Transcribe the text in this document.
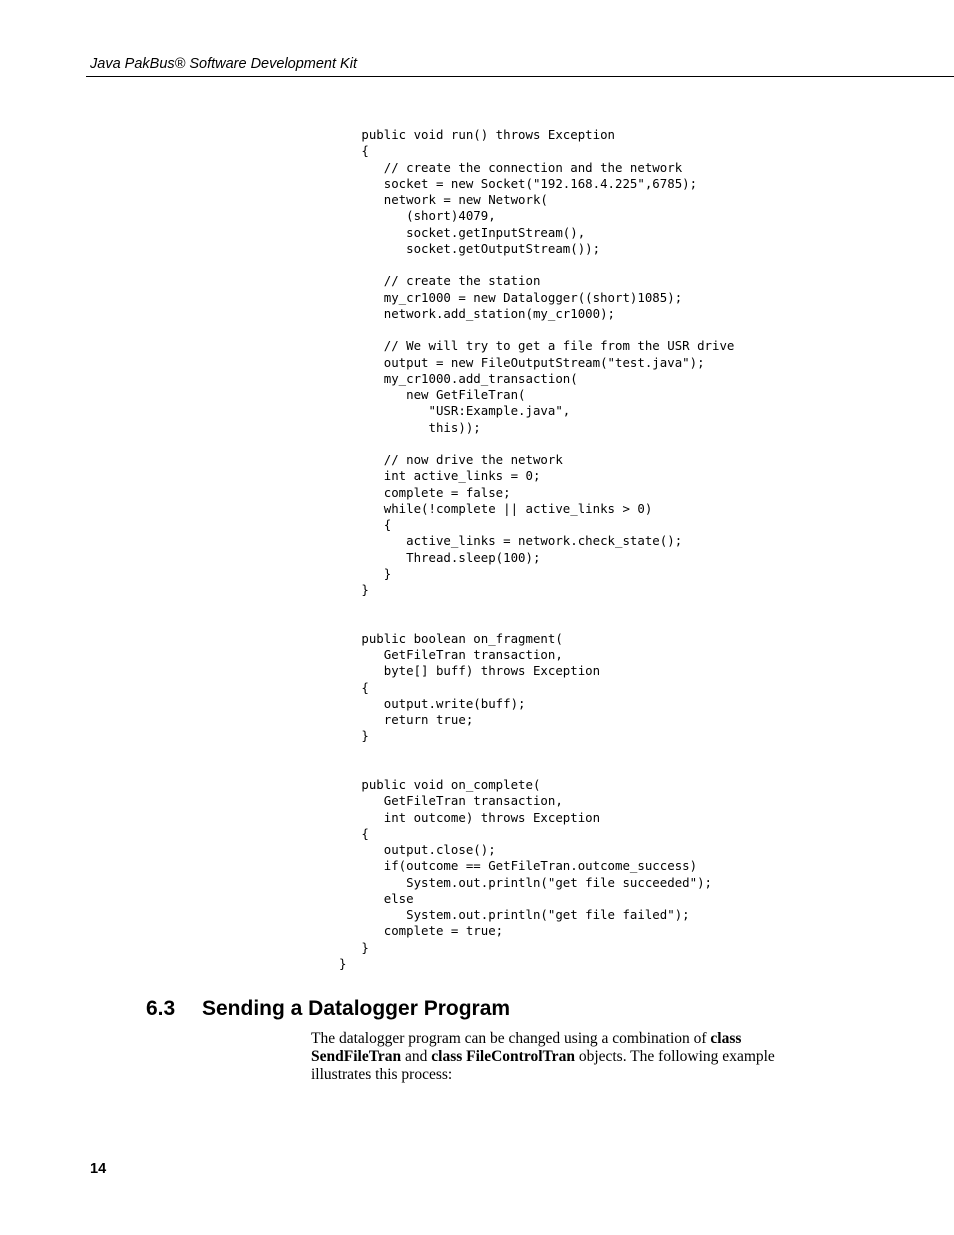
Java PakBus® Software Development Kit
public void run() throws Exception
{
// create the connection and the network
socket = new Socket("192.168.4.225",6785);
network = new Network(
(short)4079,
socket.getInputStream(),
socket.getOutputStream());

// create the station
my_cr1000 = new Datalogger((short)1085);
network.add_station(my_cr1000);

// We will try to get a file from the USR drive
output = new FileOutputStream("test.java");
my_cr1000.add_transaction(
new GetFileTran(
"USR:Example.java",
this));

// now drive the network
int active_links = 0;
complete = false;
while(!complete || active_links > 0)
{
active_links = network.check_state();
Thread.sleep(100);
}
}

public boolean on_fragment(
GetFileTran transaction,
byte[] buff) throws Exception
{
output.write(buff);
return true;
}

public void on_complete(
GetFileTran transaction,
int outcome) throws Exception
{
output.close();
if(outcome == GetFileTran.outcome_success)
System.out.println("get file succeeded");
else
System.out.println("get file failed");
complete = true;
}
}
6.3 Sending a Datalogger Program

The datalogger program can be changed using a combination of class SendFileTran and class FileControlTran objects. The following example illustrates this process:

14
